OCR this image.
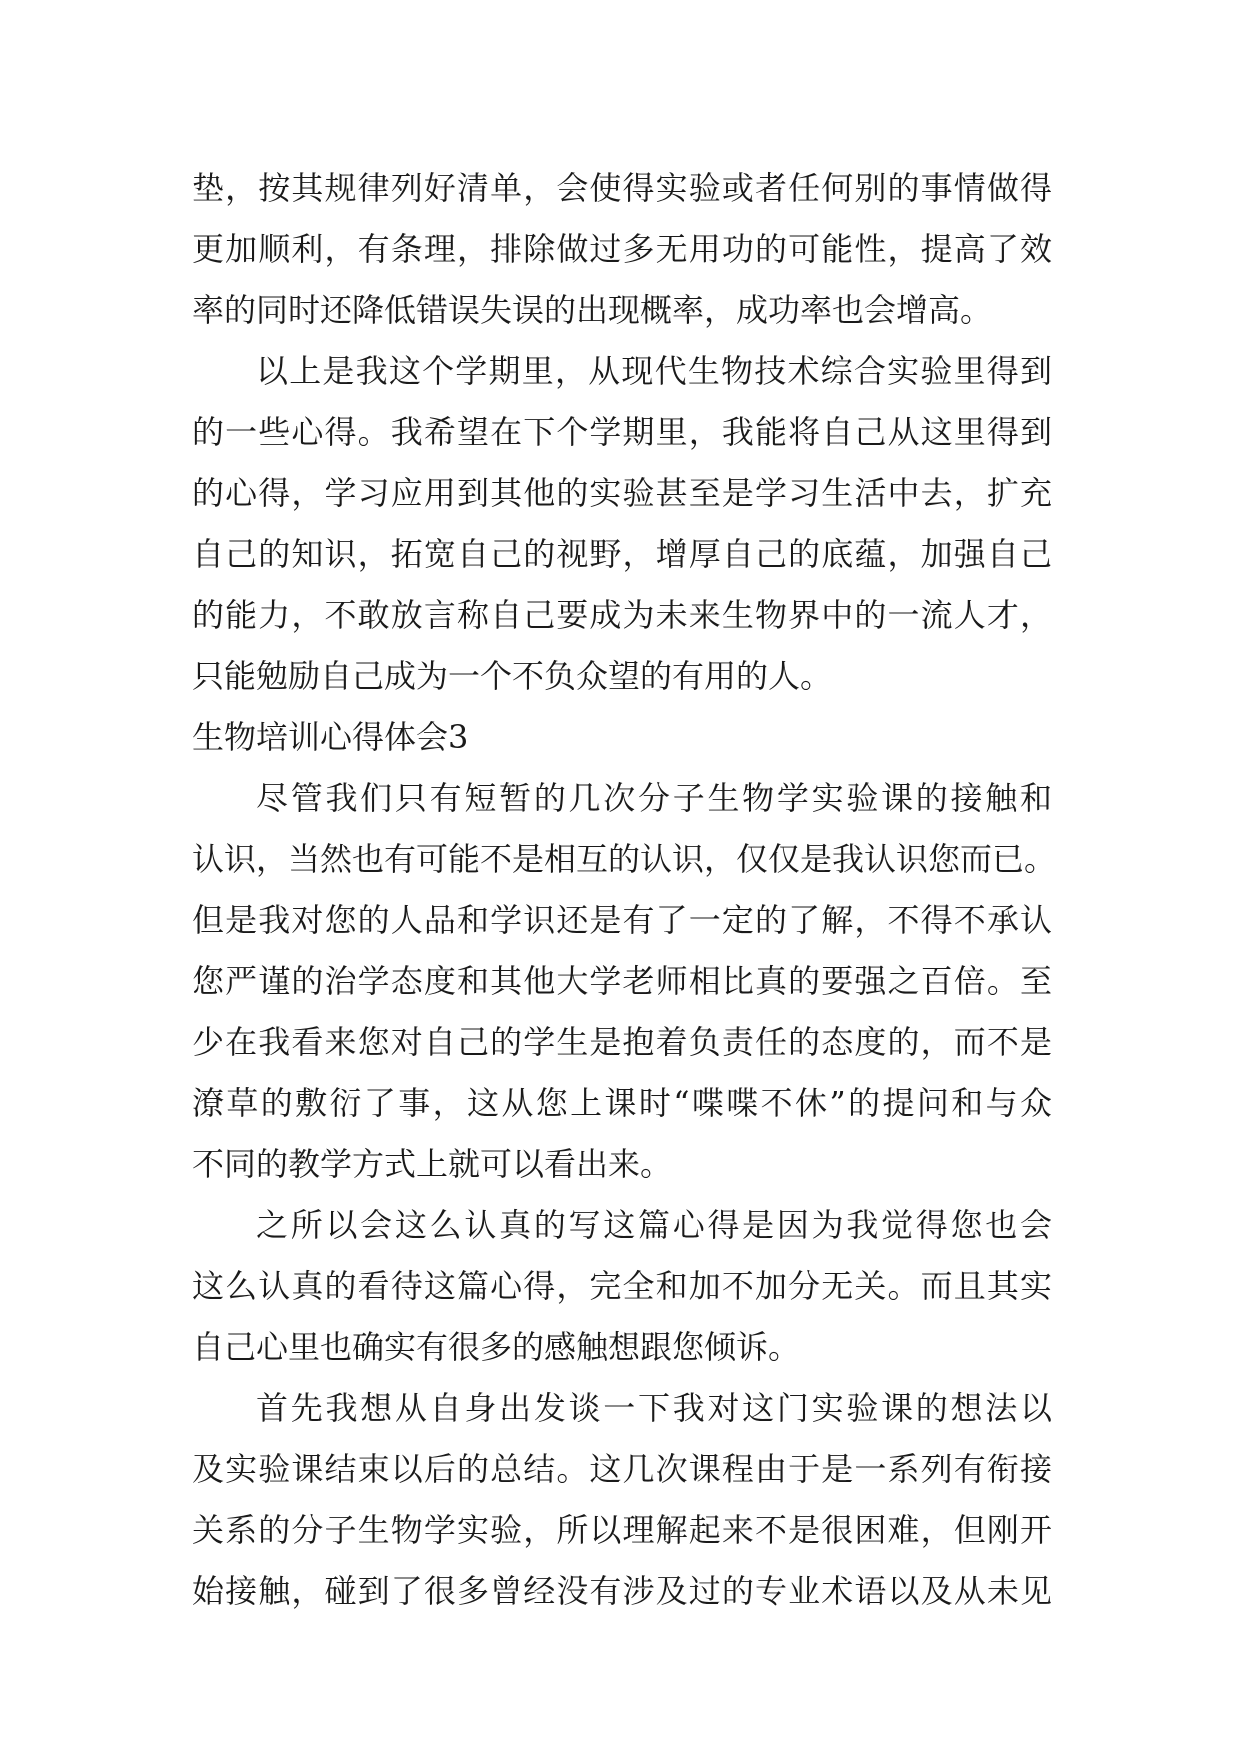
垫，按其规律列好清单，会使得实验或者任何别的事情做得
更加顺利，有条理，排除做过多无用功的可能性，提高了效
率的同时还降低错误失误的出现概率，成功率也会增高。
以上是我这个学期里，从现代生物技术综合实验里得到
的一些心得。我希望在下个学期里，我能将自己从这里得到
的心得，学习应用到其他的实验甚至是学习生活中去，扩充
自己的知识，拓宽自己的视野，增厚自己的底蕴，加强自己
的能力，不敢放言称自己要成为未来生物界中的一流人才，
只能勉励自己成为一个不负众望的有用的人。
生物培训心得体会3
尽管我们只有短暂的几次分子生物学实验课的接触和
认识，当然也有可能不是相互的认识，仅仅是我认识您而已。
但是我对您的人品和学识还是有了一定的了解，不得不承认
您严谨的治学态度和其他大学老师相比真的要强之百倍。至
少在我看来您对自己的学生是抱着负责任的态度的，而不是
潦草的敷衍了事，这从您上课时“喋喋不休”的提问和与众
不同的教学方式上就可以看出来。
之所以会这么认真的写这篇心得是因为我觉得您也会
这么认真的看待这篇心得，完全和加不加分无关。而且其实
自己心里也确实有很多的感触想跟您倾诉。
首先我想从自身出发谈一下我对这门实验课的想法以
及实验课结束以后的总结。这几次课程由于是一系列有衔接
关系的分子生物学实验，所以理解起来不是很困难，但刚开
始接触，碰到了很多曾经没有涉及过的专业术语以及从未见
